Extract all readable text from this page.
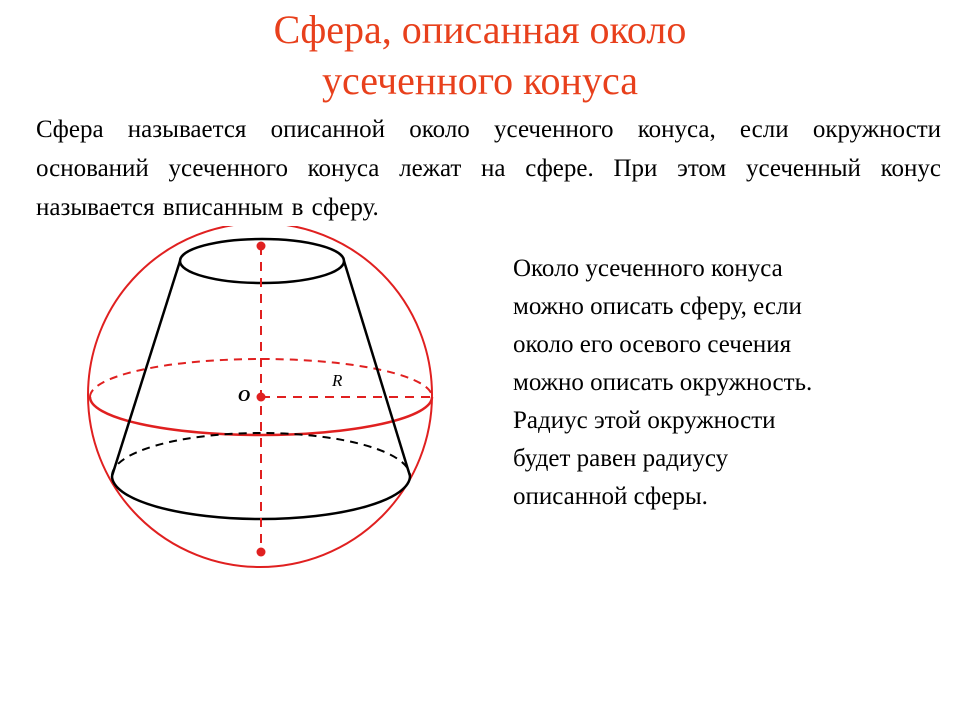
Сфера, описанная около
усеченного конуса
Сфера называется описанной около усеченного конуса, если окружности оснований усеченного конуса лежат на сфере. При этом усеченный конус называется вписанным в сферу.
O
R
Около усеченного конуса
можно описать сферу, если
около его осевого сечения
можно описать окружность.
Радиус этой окружности
будет равен радиусу
описанной сферы.
